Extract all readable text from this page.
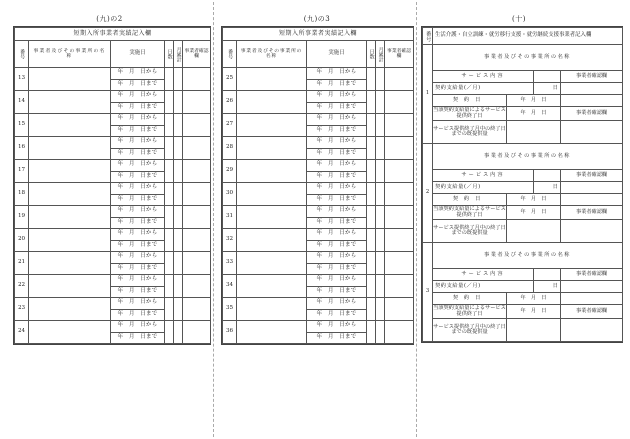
(九)の2	(九)の3	(十)
短期入所事業者実績記入欄					
番号	事業者及びその事業所の名称	実施日	日数	月累計	事業者確認欄
13		年　月　日から			
		年　月　日まで			
14		年　月　日から			
		年　月　日まで			
15		年　月　日から			
		年　月　日まで			
16		年　月　日から			
		年　月　日まで			
17		年　月　日から			
		年　月　日まで			
18		年　月　日から			
		年　月　日まで			
19		年　月　日から			
		年　月　日まで			
20		年　月　日から			
		年　月　日まで			
21		年　月　日から			
		年　月　日まで			
22		年　月　日から			
		年　月　日まで			
23		年　月　日から			
		年　月　日まで			
24		年　月　日から			
		年　月　日まで			
短期入所事業者実績記入欄					
番号	事業者及びその事業所の名称	実施日	日数	月累計	事業者確認欄
25		年　月　日から			
		年　月　日まで			
26		年　月　日から			
		年　月　日まで			
27		年　月　日から			
		年　月　日まで			
28		年　月　日から			
		年　月　日まで			
29		年　月　日から			
		年　月　日まで			
30		年　月　日から			
		年　月　日まで			
31		年　月　日から			
		年　月　日まで			
32		年　月　日から			
		年　月　日まで			
33		年　月　日から			
		年　月　日まで			
34		年　月　日から			
		年　月　日まで			
35		年　月　日から			
		年　月　日まで			
36		年　月　日から			
		年　月　日まで			
番号	生活介護・自立訓練・就労移行支援・就労継続支援事業者記入欄			
1	事業者及びその事業所の名称			
	サービス内容			事業者確認欄
	契約支給量(／月)		日	
	契約日	年　月　日		
	当該契約支給量によるサービス提供終了日	年　月　日		事業者確認欄
	サービス提供終了月中の終了日までの既提供量			
2	事業者及びその事業所の名称			
	サービス内容			事業者確認欄
	契約支給量(／月)		日	
	契約日	年　月　日		
	当該契約支給量によるサービス提供終了日	年　月　日		事業者確認欄
	サービス提供終了月中の終了日までの既提供量			
3	事業者及びその事業所の名称			
	サービス内容			事業者確認欄
	契約支給量(／月)		日	
	契約日	年　月　日		
	当該契約支給量によるサービス提供終了日	年　月　日		事業者確認欄
	サービス提供終了月中の終了日までの既提供量			
